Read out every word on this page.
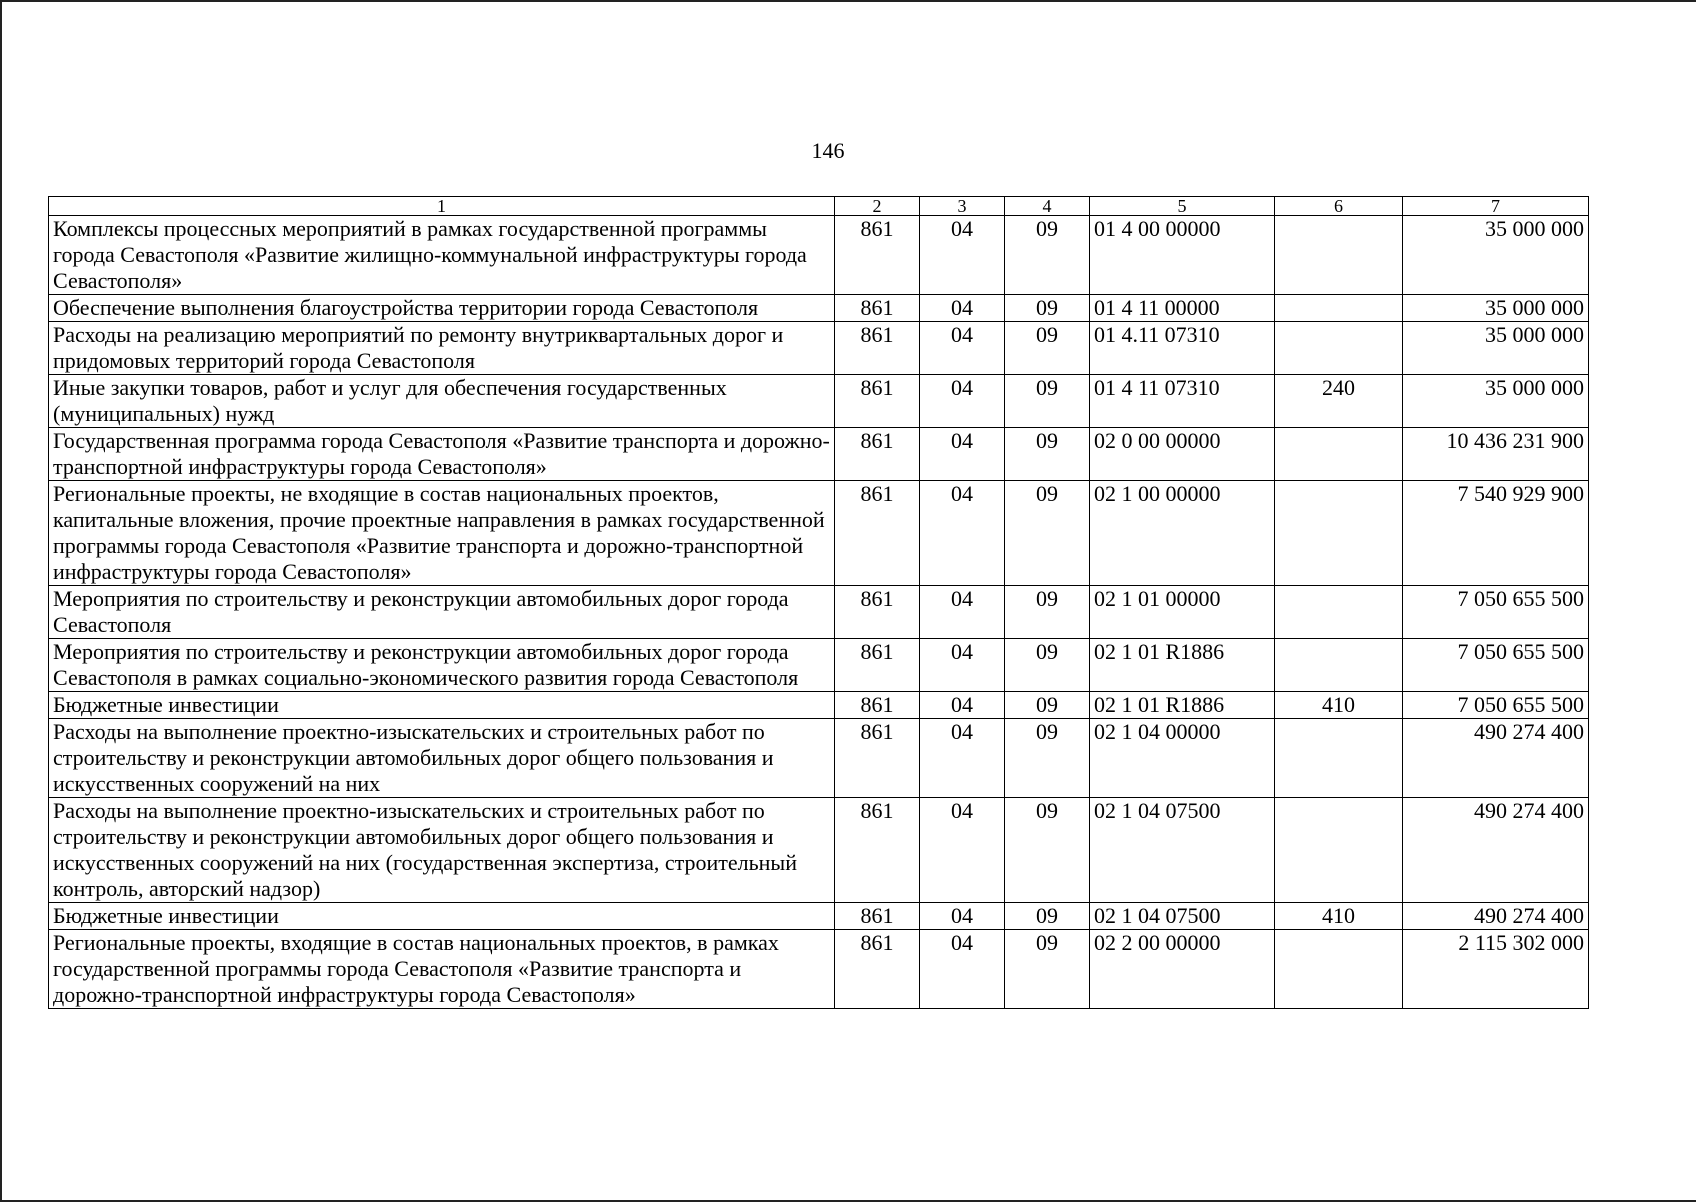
146
1	2	3	4	5	6	7
Комплексы процессных мероприятий в рамках государственной программы города Севастополя «Развитие жилищно-коммунальной инфраструктуры города Севастополя»	861	04	09	01 4 00 00000		35 000 000
Обеспечение выполнения благоустройства территории города Севастополя	861	04	09	01 4 11 00000		35 000 000
Расходы на реализацию мероприятий по ремонту внутриквартальных дорог и придомовых территорий города Севастополя	861	04	09	01 4.11 07310		35 000 000
Иные закупки товаров, работ и услуг для обеспечения государственных (муниципальных) нужд	861	04	09	01 4 11 07310	240	35 000 000
Государственная программа города Севастополя «Развитие транспорта и дорожно-транспортной инфраструктуры города Севастополя»	861	04	09	02 0 00 00000		10 436 231 900
Региональные проекты, не входящие в состав национальных проектов, капитальные вложения, прочие проектные направления в рамках государственной программы города Севастополя «Развитие транспорта и дорожно-транспортной инфраструктуры города Севастополя»	861	04	09	02 1 00 00000		7 540 929 900
Мероприятия по строительству и реконструкции автомобильных дорог города Севастополя	861	04	09	02 1 01 00000		7 050 655 500
Мероприятия по строительству и реконструкции автомобильных дорог города Севастополя в рамках социально-экономического развития города Севастополя	861	04	09	02 1 01 R1886		7 050 655 500
Бюджетные инвестиции	861	04	09	02 1 01 R1886	410	7 050 655 500
Расходы на выполнение проектно-изыскательских и строительных работ по строительству и реконструкции автомобильных дорог общего пользования и искусственных сооружений на них	861	04	09	02 1 04 00000		490 274 400
Расходы на выполнение проектно-изыскательских и строительных работ по строительству и реконструкции автомобильных дорог общего пользования и искусственных сооружений на них (государственная экспертиза, строительный контроль, авторский надзор)	861	04	09	02 1 04 07500		490 274 400
Бюджетные инвестиции	861	04	09	02 1 04 07500	410	490 274 400
Региональные проекты, входящие в состав национальных проектов, в рамках государственной программы города Севастополя «Развитие транспорта и дорожно-транспортной инфраструктуры города Севастополя»	861	04	09	02 2 00 00000		2 115 302 000
